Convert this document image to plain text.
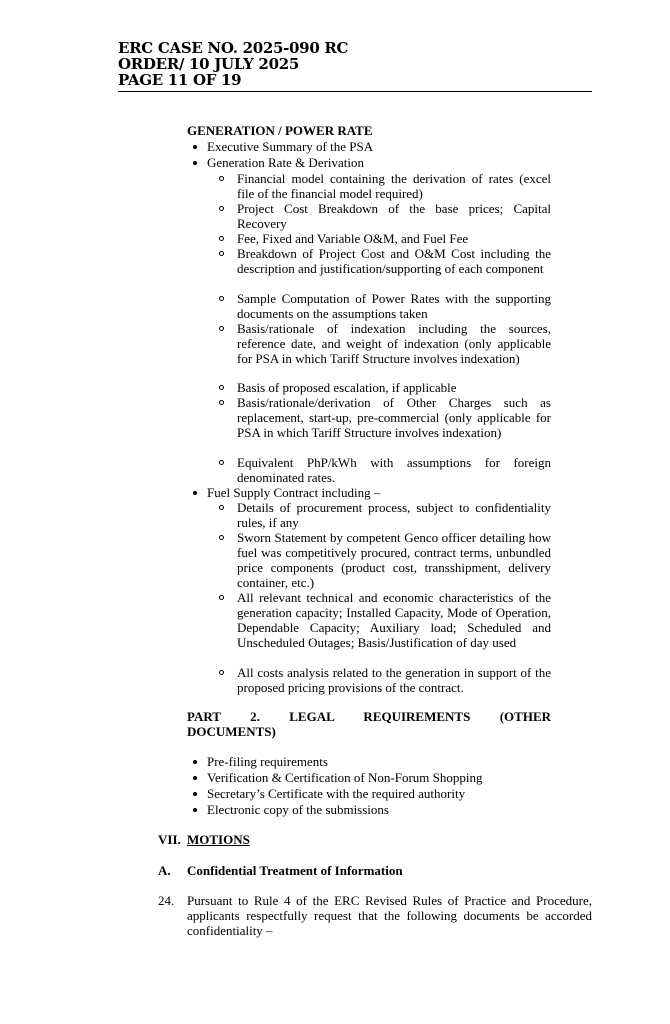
ERC CASE NO. 2025-090 RC
ORDER/ 10 JULY 2025
PAGE 11 OF 19
GENERATION / POWER RATE
Executive Summary of the PSA
Generation Rate & Derivation
Financial model containing the derivation of rates (excel file of the financial model required)
Project Cost Breakdown of the base prices; Capital Recovery
Fee, Fixed and Variable O&M, and Fuel Fee
Breakdown of Project Cost and O&M Cost including the description and justification/supporting of each component
Sample Computation of Power Rates with the supporting documents on the assumptions taken
Basis/rationale of indexation including the sources, reference date, and weight of indexation (only applicable for PSA in which Tariff Structure involves indexation)
Basis of proposed escalation, if applicable
Basis/rationale/derivation of Other Charges such as replacement, start-up, pre-commercial (only applicable for PSA in which Tariff Structure involves indexation)
Equivalent PhP/kWh with assumptions for foreign denominated rates.
Fuel Supply Contract including –
Details of procurement process, subject to confidentiality rules, if any
Sworn Statement by competent Genco officer detailing how fuel was competitively procured, contract terms, unbundled price components (product cost, transshipment, delivery container, etc.)
All relevant technical and economic characteristics of the generation capacity; Installed Capacity, Mode of Operation, Dependable Capacity; Auxiliary load; Scheduled and Unscheduled Outages; Basis/Justification of day used
All costs analysis related to the generation in support of the proposed pricing provisions of the contract.
PART 2. LEGAL REQUIREMENTS (OTHER
DOCUMENTS)
Pre-filing requirements
Verification & Certification of Non-Forum Shopping
Secretary’s Certificate with the required authority
Electronic copy of the submissions
VII. MOTIONS
A. Confidential Treatment of Information
24. Pursuant to Rule 4 of the ERC Revised Rules of Practice and Procedure, applicants respectfully request that the following documents be accorded confidentiality –
